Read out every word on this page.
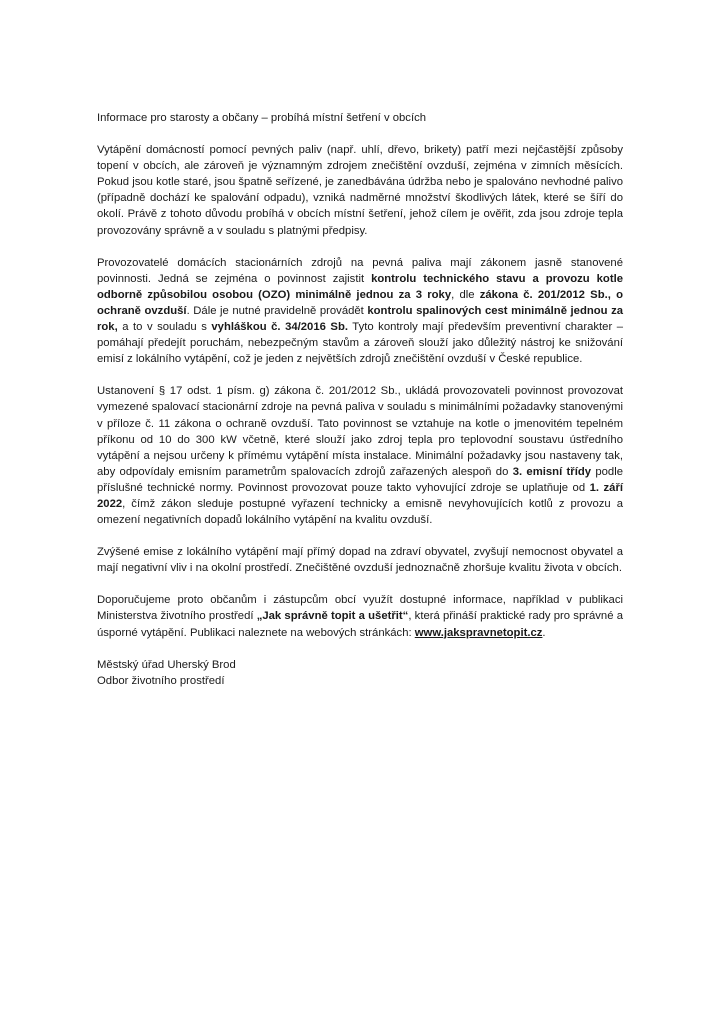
Informace pro starosty a občany – probíhá místní šetření v obcích

Vytápění domácností pomocí pevných paliv (např. uhlí, dřevo, brikety) patří mezi nejčastější způsoby topení v obcích, ale zároveň je významným zdrojem znečištění ovzduší, zejména v zimních měsících. Pokud jsou kotle staré, jsou špatně seřízené, je zanedbávána údržba nebo je spalováno nevhodné palivo (případně dochází ke spalování odpadu), vzniká nadměrné množství škodlivých látek, které se šíří do okolí. Právě z tohoto důvodu probíhá v obcích místní šetření, jehož cílem je ověřit, zda jsou zdroje tepla provozovány správně a v souladu s platnými předpisy.

Provozovatelé domácích stacionárních zdrojů na pevná paliva mají zákonem jasně stanovené povinnosti. Jedná se zejména o povinnost zajistit kontrolu technického stavu a provozu kotle odborně způsobilou osobou (OZO) minimálně jednou za 3 roky, dle zákona č. 201/2012 Sb., o ochraně ovzduší. Dále je nutné pravidelně provádět kontrolu spalinových cest minimálně jednou za rok, a to v souladu s vyhláškou č. 34/2016 Sb. Tyto kontroly mají především preventivní charakter – pomáhají předejít poruchám, nebezpečným stavům a zároveň slouží jako důležitý nástroj ke snižování emisí z lokálního vytápění, což je jeden z největších zdrojů znečištění ovzduší v České republice.

Ustanovení § 17 odst. 1 písm. g) zákona č. 201/2012 Sb., ukládá provozovateli povinnost provozovat vymezené spalovací stacionární zdroje na pevná paliva v souladu s minimálními požadavky stanovenými v příloze č. 11 zákona o ochraně ovzduší. Tato povinnost se vztahuje na kotle o jmenovitém tepelném příkonu od 10 do 300 kW včetně, které slouží jako zdroj tepla pro teplovodní soustavu ústředního vytápění a nejsou určeny k přímému vytápění místa instalace. Minimální požadavky jsou nastaveny tak, aby odpovídaly emisním parametrům spalovacích zdrojů zařazených alespoň do 3. emisní třídy podle příslušné technické normy. Povinnost provozovat pouze takto vyhovující zdroje se uplatňuje od 1. září 2022, čímž zákon sleduje postupné vyřazení technicky a emisně nevyhovujících kotlů z provozu a omezení negativních dopadů lokálního vytápění na kvalitu ovzduší.

Zvýšené emise z lokálního vytápění mají přímý dopad na zdraví obyvatel, zvyšují nemocnost obyvatel a mají negativní vliv i na okolní prostředí. Znečištěné ovzduší jednoznačně zhoršuje kvalitu života v obcích.

Doporučujeme proto občanům i zástupcům obcí využít dostupné informace, například v publikaci Ministerstva životního prostředí „Jak správně topit a ušetřit“, která přináší praktické rady pro správné a úsporné vytápění. Publikaci naleznete na webových stránkách: www.jakspravnetopit.cz.

Městský úřad Uherský Brod
Odbor životního prostředí
